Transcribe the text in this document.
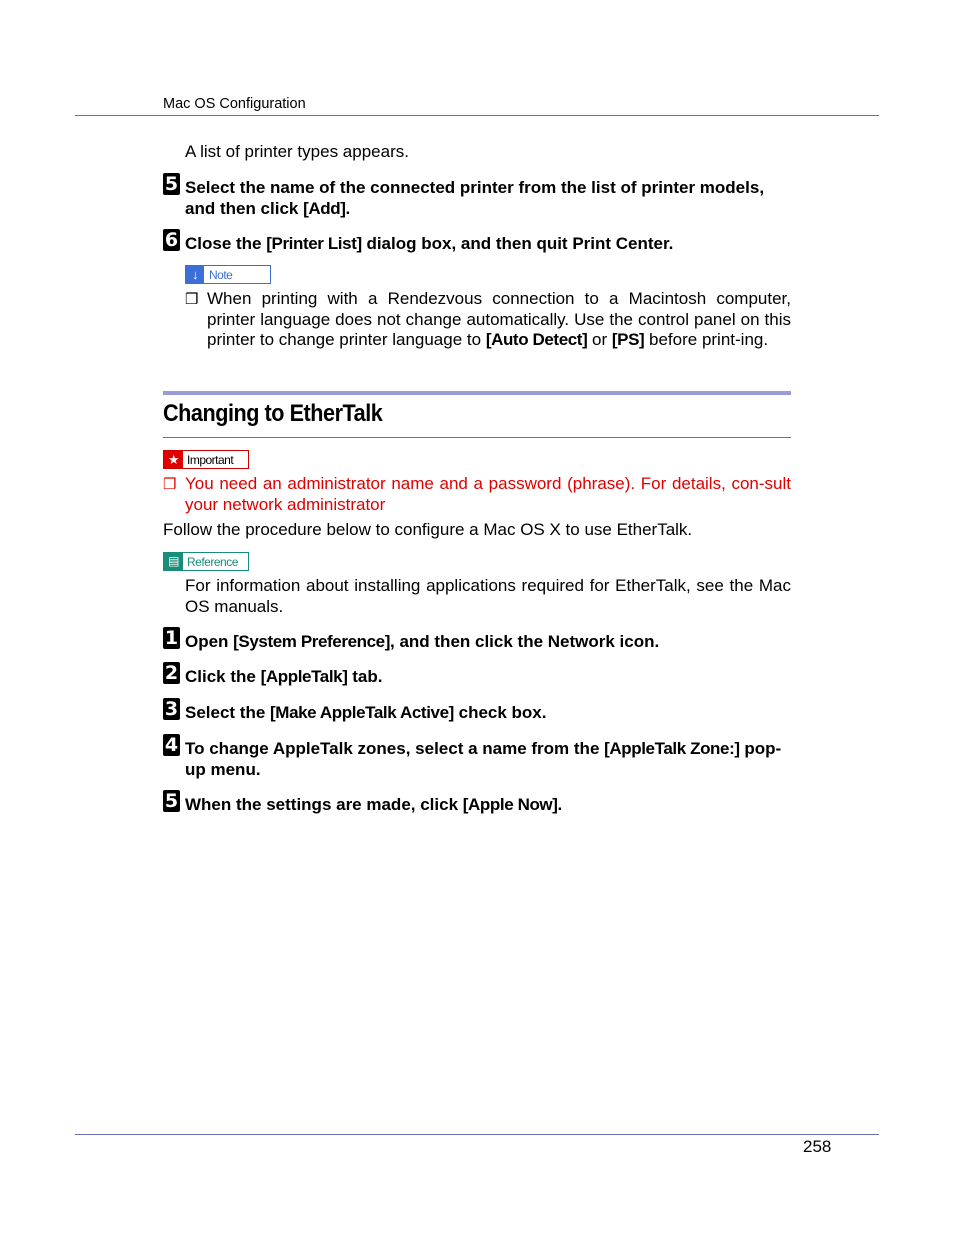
Mac OS Configuration
A list of printer types appears.
5 Select the name of the connected printer from the list of printer models, and then click [Add].
6 Close the [Printer List] dialog box, and then quit Print Center.
↓ Note
❒ When printing with a Rendezvous connection to a Macintosh computer, printer language does not change automatically. Use the control panel on this printer to change printer language to [Auto Detect] or [PS] before print-ing.
Changing to EtherTalk
★ Important
❒ You need an administrator name and a password (phrase). For details, con-sult your network administrator
Follow the procedure below to configure a Mac OS X to use EtherTalk.
▤ Reference
For information about installing applications required for EtherTalk, see the Mac OS manuals.
1 Open [System Preference], and then click the Network icon.
2 Click the [AppleTalk] tab.
3 Select the [Make AppleTalk Active] check box.
4 To change AppleTalk zones, select a name from the [AppleTalk Zone:] pop-up menu.
5 When the settings are made, click [Apple Now].
258
